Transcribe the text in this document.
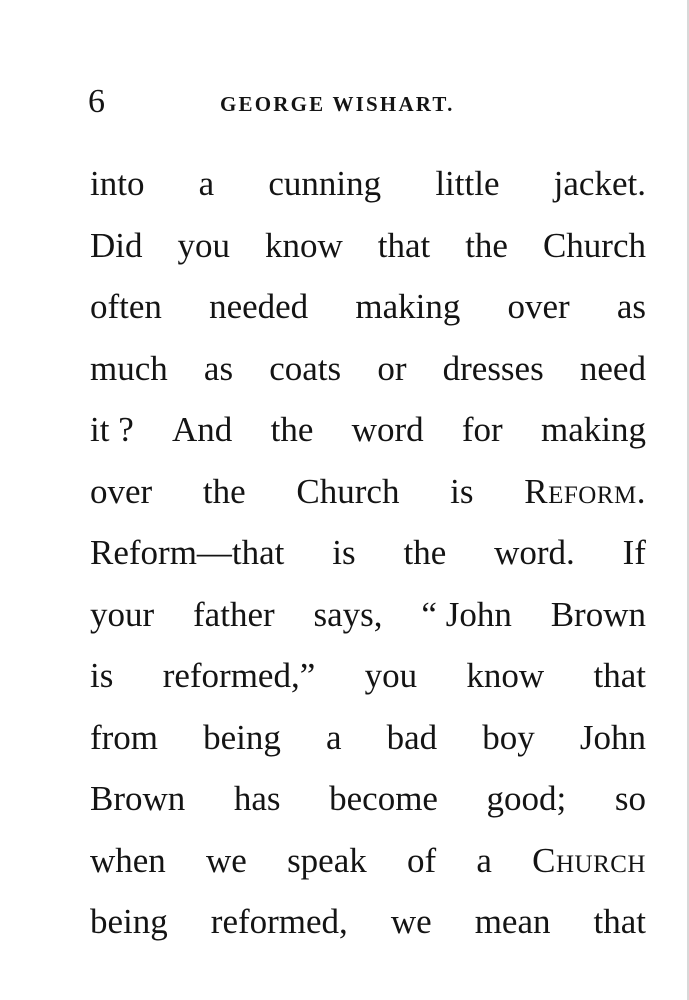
6	GEORGE WISHART.
into a cunning little jacket.
Did you know that the Church
often needed making over as
much as coats or dresses need
it ? And the word for making
over the Church is Reform.
Reform—that is the word. If
your father says, “ John Brown
is reformed,” you know that
from being a bad boy John
Brown has become good; so
when we speak of a Church
being reformed, we mean that
